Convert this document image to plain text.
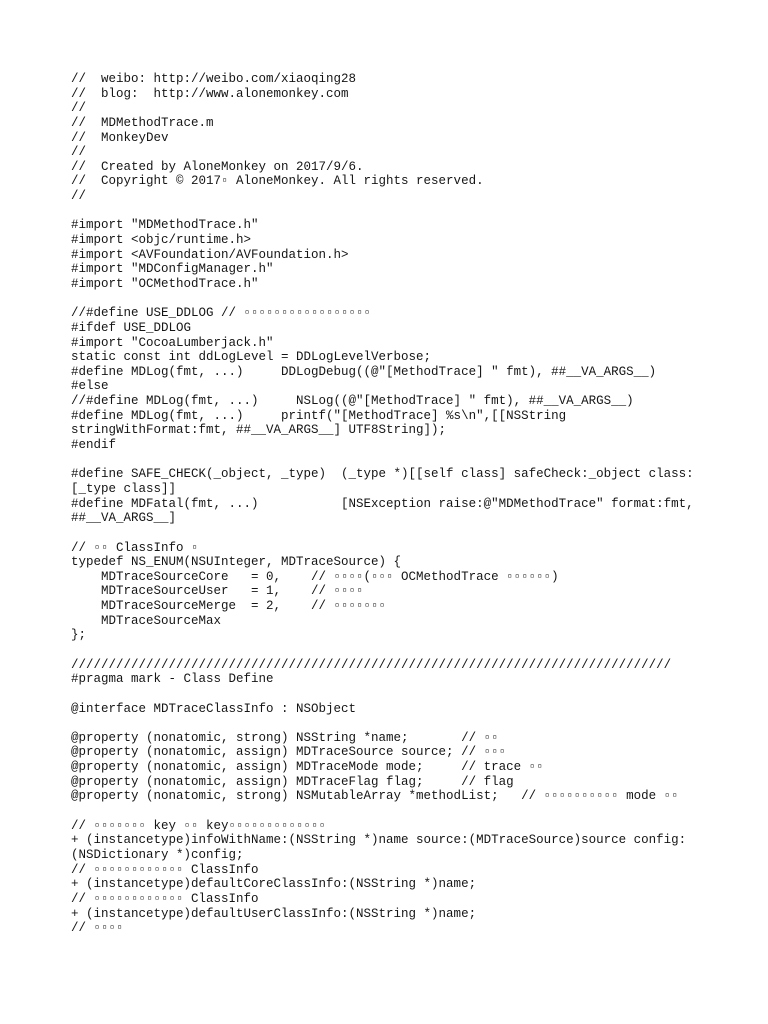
//  weibo: http://weibo.com/xiaoqing28
//  blog:  http://www.alonemonkey.com
//
//  MDMethodTrace.m
//  MonkeyDev
//
//  Created by AloneMonkey on 2017/9/6.
//  Copyright © 2017▫ AloneMonkey. All rights reserved.
//
#import "MDMethodTrace.h"
#import <objc/runtime.h>
#import <AVFoundation/AVFoundation.h>
#import "MDConfigManager.h"
#import "OCMethodTrace.h"
//#define USE_DDLOG // ▫▫▫▫▫▫▫▫▫▫▫▫▫▫▫▫▫
#ifdef USE_DDLOG
#import "CocoaLumberjack.h"
static const int ddLogLevel = DDLogLevelVerbose;
#define MDLog(fmt, ...)     DDLogDebug((@"[MethodTrace] " fmt), ##__VA_ARGS__)
#else
//#define MDLog(fmt, ...)     NSLog((@"[MethodTrace] " fmt), ##__VA_ARGS__)
#define MDLog(fmt, ...)     printf("[MethodTrace] %s\n",[[NSString
stringWithFormat:fmt, ##__VA_ARGS__] UTF8String]);
#endif
#define SAFE_CHECK(_object, _type)  (_type *)[[self class] safeCheck:_object class:
[_type class]]
#define MDFatal(fmt, ...)           [NSException raise:@"MDMethodTrace" format:fmt,
##__VA_ARGS__]
// ▫▫ ClassInfo ▫
typedef NS_ENUM(NSUInteger, MDTraceSource) {
MDTraceSourceCore   = 0,    // ▫▫▫▫(▫▫▫ OCMethodTrace ▫▫▫▫▫▫)
MDTraceSourceUser   = 1,    // ▫▫▫▫
MDTraceSourceMerge  = 2,    // ▫▫▫▫▫▫▫
MDTraceSourceMax
};
////////////////////////////////////////////////////////////////////////////////
#pragma mark - Class Define
@interface MDTraceClassInfo : NSObject
@property (nonatomic, strong) NSString *name;       // ▫▫
@property (nonatomic, assign) MDTraceSource source; // ▫▫▫
@property (nonatomic, assign) MDTraceMode mode;     // trace ▫▫
@property (nonatomic, assign) MDTraceFlag flag;     // flag
@property (nonatomic, strong) NSMutableArray *methodList;   // ▫▫▫▫▫▫▫▫▫▫ mode ▫▫
// ▫▫▫▫▫▫▫ key ▫▫ key▫▫▫▫▫▫▫▫▫▫▫▫▫
+ (instancetype)infoWithName:(NSString *)name source:(MDTraceSource)source config:
(NSDictionary *)config;
// ▫▫▫▫▫▫▫▫▫▫▫▫ ClassInfo
+ (instancetype)defaultCoreClassInfo:(NSString *)name;
// ▫▫▫▫▫▫▫▫▫▫▫▫ ClassInfo
+ (instancetype)defaultUserClassInfo:(NSString *)name;
// ▫▫▫▫
